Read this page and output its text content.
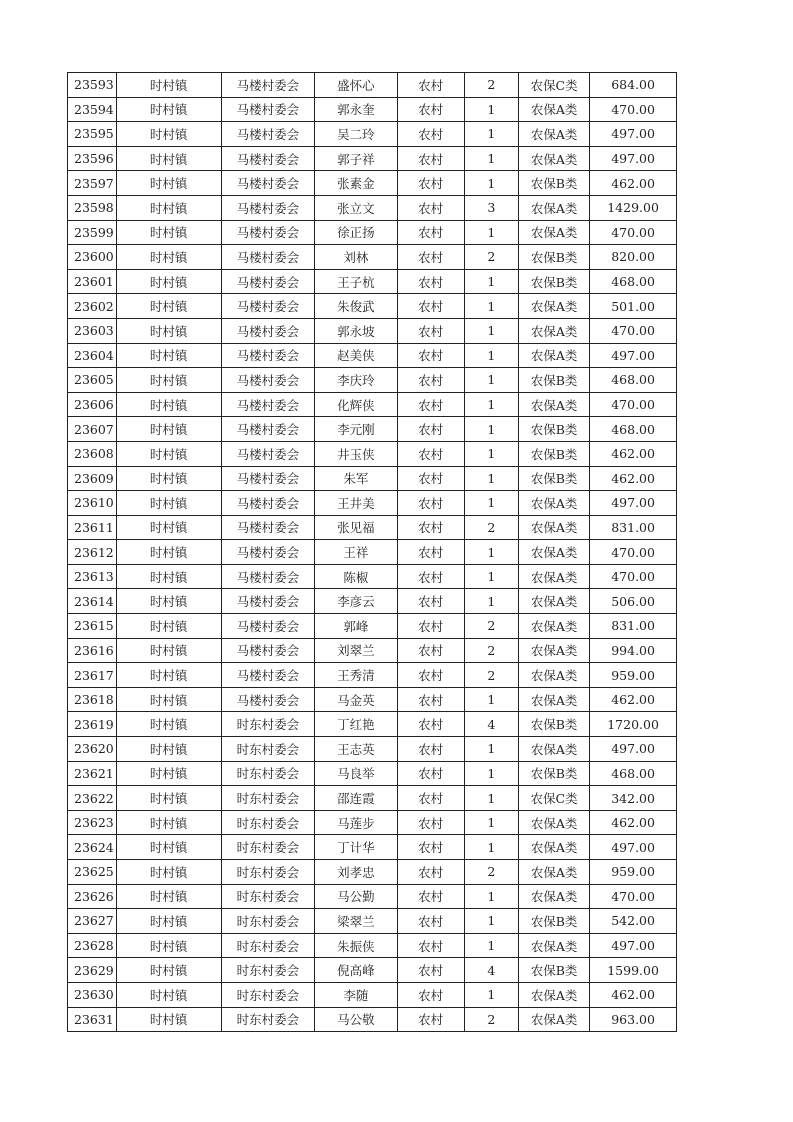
23593	时村镇	马楼村委会	盛怀心	农村	2	农保C类	684.00
23594	时村镇	马楼村委会	郭永奎	农村	1	农保A类	470.00
23595	时村镇	马楼村委会	吴二玲	农村	1	农保A类	497.00
23596	时村镇	马楼村委会	郭子祥	农村	1	农保A类	497.00
23597	时村镇	马楼村委会	张素金	农村	1	农保B类	462.00
23598	时村镇	马楼村委会	张立文	农村	3	农保A类	1429.00
23599	时村镇	马楼村委会	徐正扬	农村	1	农保A类	470.00
23600	时村镇	马楼村委会	刘林	农村	2	农保B类	820.00
23601	时村镇	马楼村委会	王子杭	农村	1	农保B类	468.00
23602	时村镇	马楼村委会	朱俊武	农村	1	农保A类	501.00
23603	时村镇	马楼村委会	郭永坡	农村	1	农保A类	470.00
23604	时村镇	马楼村委会	赵美侠	农村	1	农保A类	497.00
23605	时村镇	马楼村委会	李庆玲	农村	1	农保B类	468.00
23606	时村镇	马楼村委会	化辉侠	农村	1	农保A类	470.00
23607	时村镇	马楼村委会	李元刚	农村	1	农保B类	468.00
23608	时村镇	马楼村委会	井玉侠	农村	1	农保B类	462.00
23609	时村镇	马楼村委会	朱军	农村	1	农保B类	462.00
23610	时村镇	马楼村委会	王井美	农村	1	农保A类	497.00
23611	时村镇	马楼村委会	张见福	农村	2	农保A类	831.00
23612	时村镇	马楼村委会	王祥	农村	1	农保A类	470.00
23613	时村镇	马楼村委会	陈椒	农村	1	农保A类	470.00
23614	时村镇	马楼村委会	李彦云	农村	1	农保A类	506.00
23615	时村镇	马楼村委会	郭峰	农村	2	农保A类	831.00
23616	时村镇	马楼村委会	刘翠兰	农村	2	农保A类	994.00
23617	时村镇	马楼村委会	王秀清	农村	2	农保A类	959.00
23618	时村镇	马楼村委会	马金英	农村	1	农保A类	462.00
23619	时村镇	时东村委会	丁红艳	农村	4	农保B类	1720.00
23620	时村镇	时东村委会	王志英	农村	1	农保A类	497.00
23621	时村镇	时东村委会	马良举	农村	1	农保B类	468.00
23622	时村镇	时东村委会	邵连霞	农村	1	农保C类	342.00
23623	时村镇	时东村委会	马莲步	农村	1	农保A类	462.00
23624	时村镇	时东村委会	丁计华	农村	1	农保A类	497.00
23625	时村镇	时东村委会	刘孝忠	农村	2	农保A类	959.00
23626	时村镇	时东村委会	马公勤	农村	1	农保A类	470.00
23627	时村镇	时东村委会	梁翠兰	农村	1	农保B类	542.00
23628	时村镇	时东村委会	朱振侠	农村	1	农保A类	497.00
23629	时村镇	时东村委会	倪高峰	农村	4	农保B类	1599.00
23630	时村镇	时东村委会	李随	农村	1	农保A类	462.00
23631	时村镇	时东村委会	马公敬	农村	2	农保A类	963.00
